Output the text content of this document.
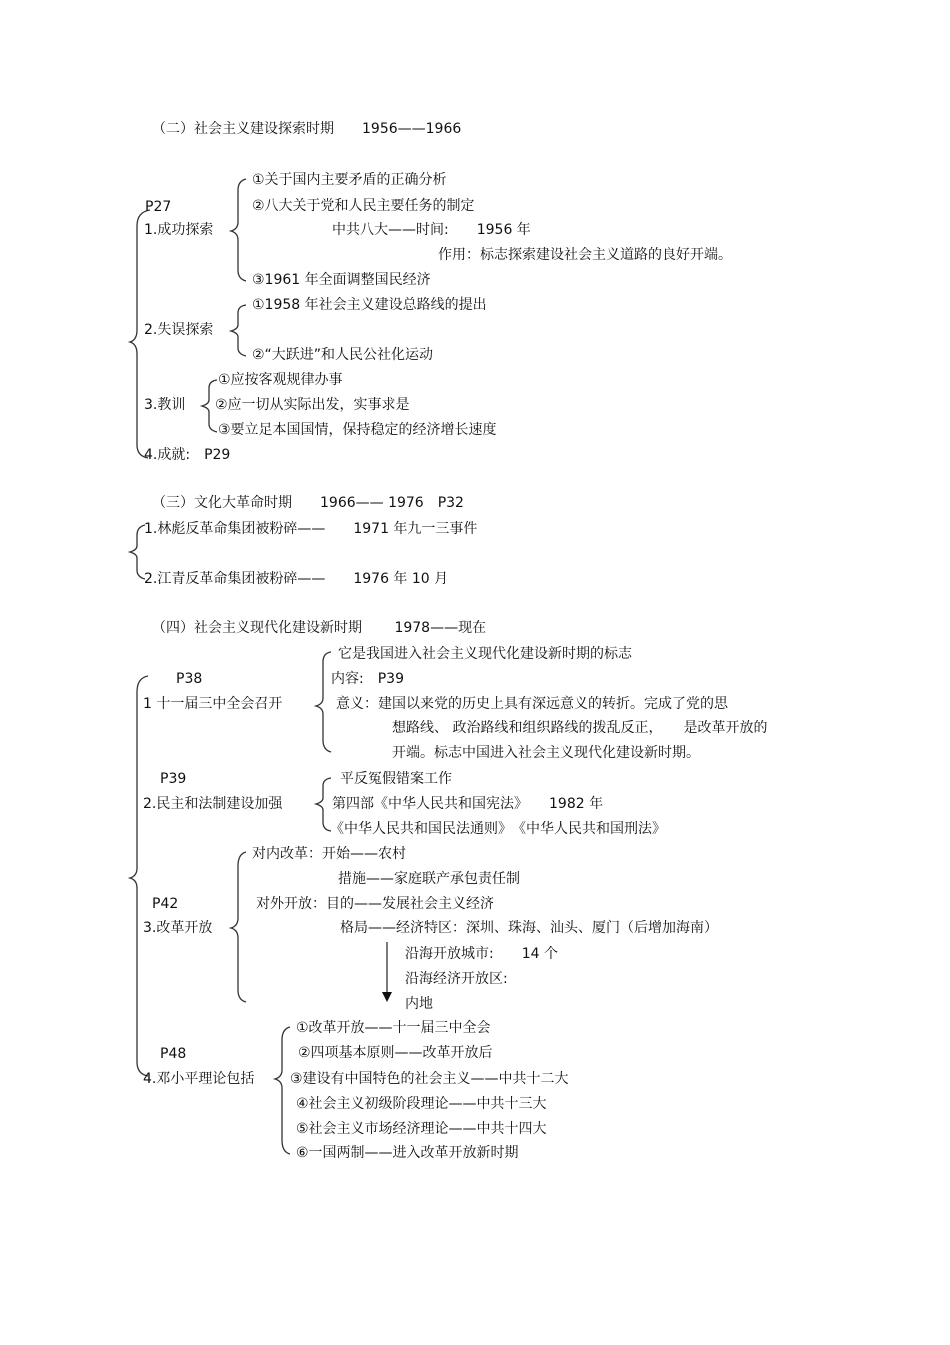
（二）社会主义建设探索时期　　1956——1966
P27
1.成功探索
①关于国内主要矛盾的正确分析
②八大关于党和人民主要任务的制定
中共八大——时间:　　1956 年
作用：标志探索建设社会主义道路的良好开端。
③1961 年全面调整国民经济
2.失误探索
①1958 年社会主义建设总路线的提出
②“大跃进”和人民公社化运动
3.教训
①应按客观规律办事
②应一切从实际出发，实事求是
③要立足本国国情，保持稳定的经济增长速度
4.成就:　P29
（三）文化大革命时期　　1966—— 1976　P32
1.林彪反革命集团被粉碎——　　1971 年九一三事件
2.江青反革命集团被粉碎——　　1976 年 10 月
（四）社会主义现代化建设新时期　　 1978——现在
P38
1 十一届三中全会召开
它是我国进入社会主义现代化建设新时期的标志
内容:　P39
意义：建国以来党的历史上具有深远意义的转折。完成了党的思
想路线、 政治路线和组织路线的拨乱反正，　　是改革开放的
开端。标志中国进入社会主义现代化建设新时期。
P39
2.民主和法制建设加强
平反冤假错案工作
第四部《中华人民共和国宪法》　　1982 年
《中华人民共和国民法通则》　《中华人民共和国刑法》
P42
3.改革开放
对内改革：开始——农村
措施——家庭联产承包责任制
对外开放：目的——发展社会主义经济
格局——经济特区：深圳、珠海、汕头、厦门（后增加海南）
沿海开放城市:　　14 个
沿海经济开放区:
内地
P48
4.邓小平理论包括
①改革开放——十一届三中全会
②四项基本原则——改革开放后
③建设有中国特色的社会主义——中共十二大
④社会主义初级阶段理论——中共十三大
⑤社会主义市场经济理论——中共十四大
⑥一国两制——进入改革开放新时期
